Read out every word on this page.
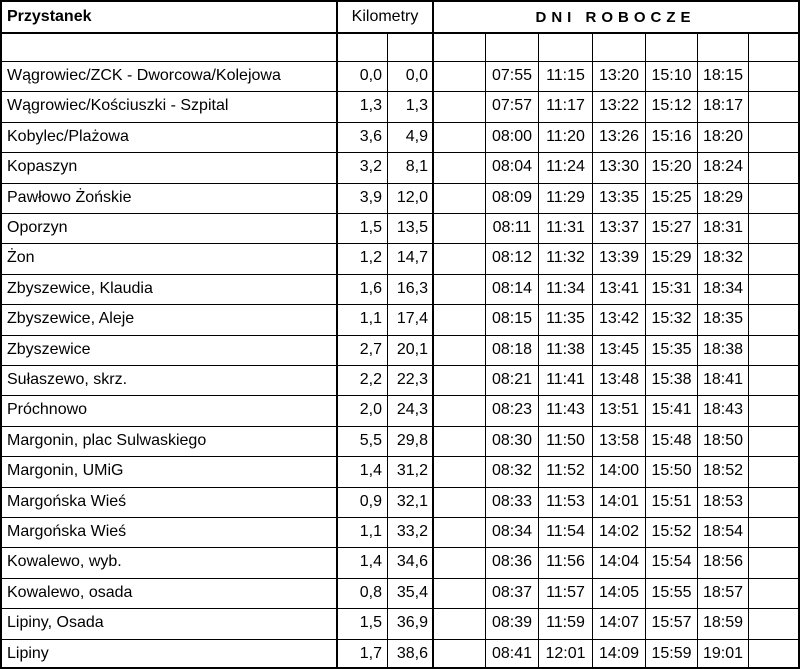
Przystanek	Kilometry	DNI ROBOCZE
Wągrowiec/ZCK - Dworcowa/Kolejowa	0,0	0,0	07:55 11:15 13:20 15:10 18:15
Wągrowiec/Kościuszki - Szpital	1,3	1,3	07:57 11:17 13:22 15:12 18:17
Kobylec/Plażowa	3,6	4,9	08:00 11:20 13:26 15:16 18:20
Kopaszyn	3,2	8,1	08:04 11:24 13:30 15:20 18:24
Pawłowo Żońskie	3,9 12,0	08:09 11:29 13:35 15:25 18:29
Oporzyn	1,5 13,5	08:11 11:31 13:37 15:27 18:31
Żon	1,2 14,7	08:12 11:32 13:39 15:29 18:32
Zbyszewice, Klaudia	1,6 16,3	08:14 11:34 13:41 15:31 18:34
Zbyszewice, Aleje	1,1 17,4	08:15 11:35 13:42 15:32 18:35
Zbyszewice	2,7 20,1	08:18 11:38 13:45 15:35 18:38
Sułaszewo, skrz.	2,2 22,3	08:21 11:41 13:48 15:38 18:41
Próchnowo	2,0 24,3	08:23 11:43 13:51 15:41 18:43
Margonin, plac Sulwaskiego	5,5 29,8	08:30 11:50 13:58 15:48 18:50
Margonin, UMiG	1,4 31,2	08:32 11:52 14:00 15:50 18:52
Margońska Wieś	0,9 32,1	08:33 11:53 14:01 15:51 18:53
Margońska Wieś	1,1 33,2	08:34 11:54 14:02 15:52 18:54
Kowalewo, wyb.	1,4 34,6	08:36 11:56 14:04 15:54 18:56
Kowalewo, osada	0,8 35,4	08:37 11:57 14:05 15:55 18:57
Lipiny, Osada	1,5 36,9	08:39 11:59 14:07 15:57 18:59
Lipiny	1,7 38,6	08:41 12:01 14:09 15:59 19:01
